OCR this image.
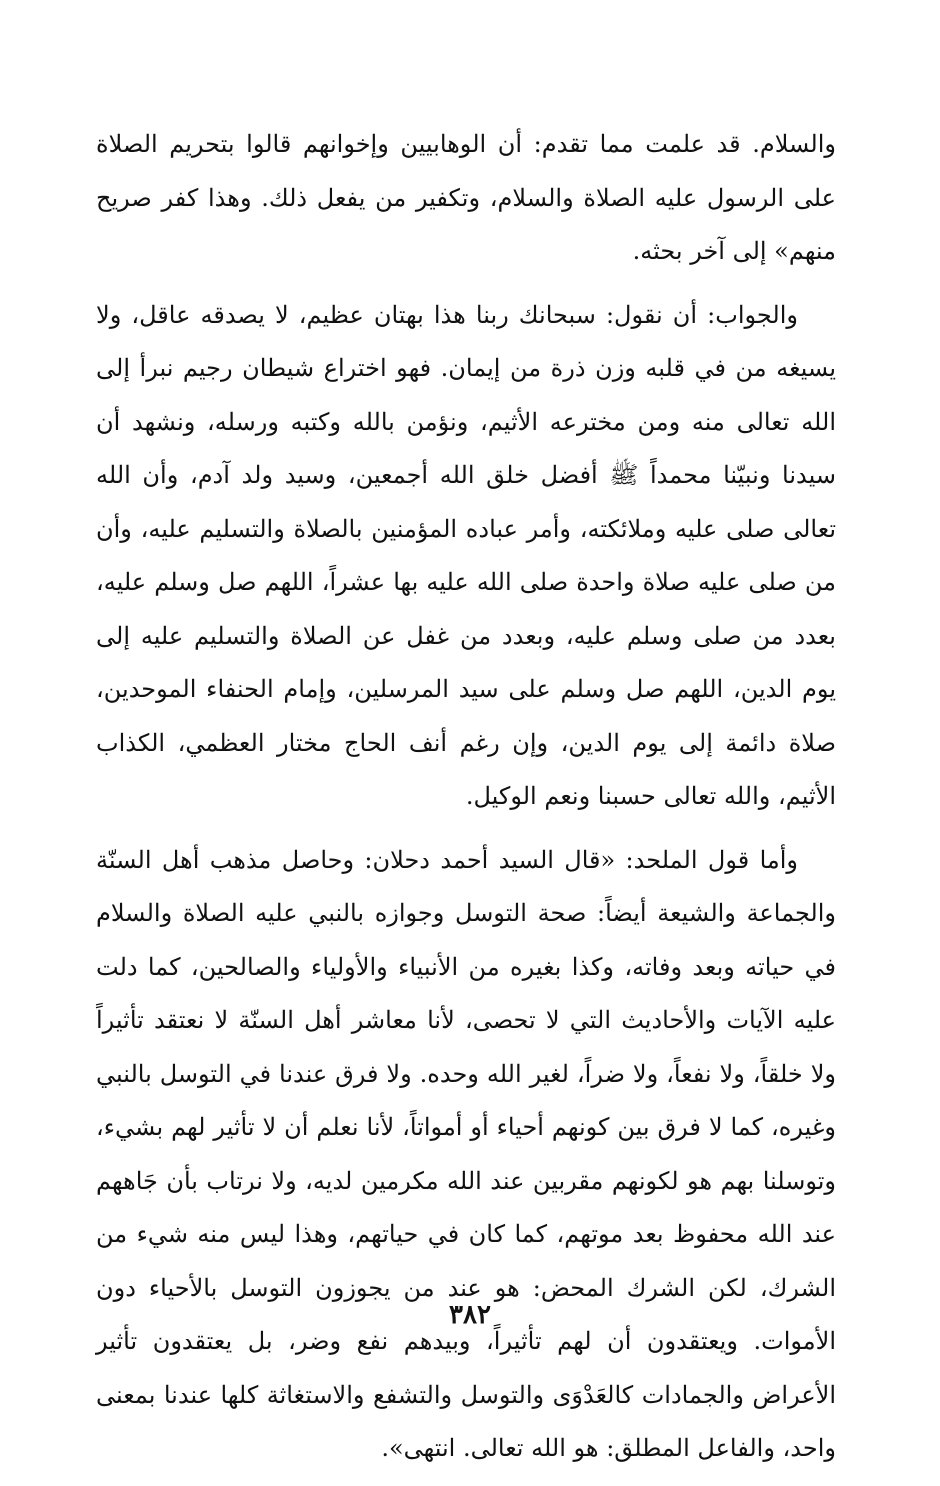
والسلام. قد علمت مما تقدم: أن الوهابيين وإخوانهم قالوا بتحريم الصلاة على الرسول عليه الصلاة والسلام، وتكفير من يفعل ذلك. وهذا كفر صريح منهم» إلى آخر بحثه.

والجواب: أن نقول: سبحانك ربنا هذا بهتان عظيم، لا يصدقه عاقل، ولا يسيغه من في قلبه وزن ذرة من إيمان. فهو اختراع شيطان رجيم نبرأ إلى الله تعالى منه ومن مخترعه الأثيم، ونؤمن بالله وكتبه ورسله، ونشهد أن سيدنا ونبيّنا محمداً ﷺ أفضل خلق الله أجمعين، وسيد ولد آدم، وأن الله تعالى صلى عليه وملائكته، وأمر عباده المؤمنين بالصلاة والتسليم عليه، وأن من صلى عليه صلاة واحدة صلى الله عليه بها عشراً، اللهم صل وسلم عليه، بعدد من صلى وسلم عليه، وبعدد من غفل عن الصلاة والتسليم عليه إلى يوم الدين، اللهم صل وسلم على سيد المرسلين، وإمام الحنفاء الموحدين، صلاة دائمة إلى يوم الدين، وإن رغم أنف الحاج مختار العظمي، الكذاب الأثيم، والله تعالى حسبنا ونعم الوكيل.

وأما قول الملحد: «قال السيد أحمد دحلان: وحاصل مذهب أهل السنّة والجماعة والشيعة أيضاً: صحة التوسل وجوازه بالنبي عليه الصلاة والسلام في حياته وبعد وفاته، وكذا بغيره من الأنبياء والأولياء والصالحين، كما دلت عليه الآيات والأحاديث التي لا تحصى، لأنا معاشر أهل السنّة لا نعتقد تأثيراً ولا خلقاً، ولا نفعاً، ولا ضراً، لغير الله وحده. ولا فرق عندنا في التوسل بالنبي وغيره، كما لا فرق بين كونهم أحياء أو أمواتاً، لأنا نعلم أن لا تأثير لهم بشيء، وتوسلنا بهم هو لكونهم مقربين عند الله مكرمين لديه، ولا نرتاب بأن جَاههم عند الله محفوظ بعد موتهم، كما كان في حياتهم، وهذا ليس منه شيء من الشرك، لكن الشرك المحض: هو عند من يجوزون التوسل بالأحياء دون الأموات. ويعتقدون أن لهم تأثيراً، وبيدهم نفع وضر، بل يعتقدون تأثير الأعراض والجمادات كالعَدْوَى والتوسل والتشفع والاستغاثة كلها عندنا بمعنى واحد، والفاعل المطلق: هو الله تعالى. انتهى».

٣٨٢
